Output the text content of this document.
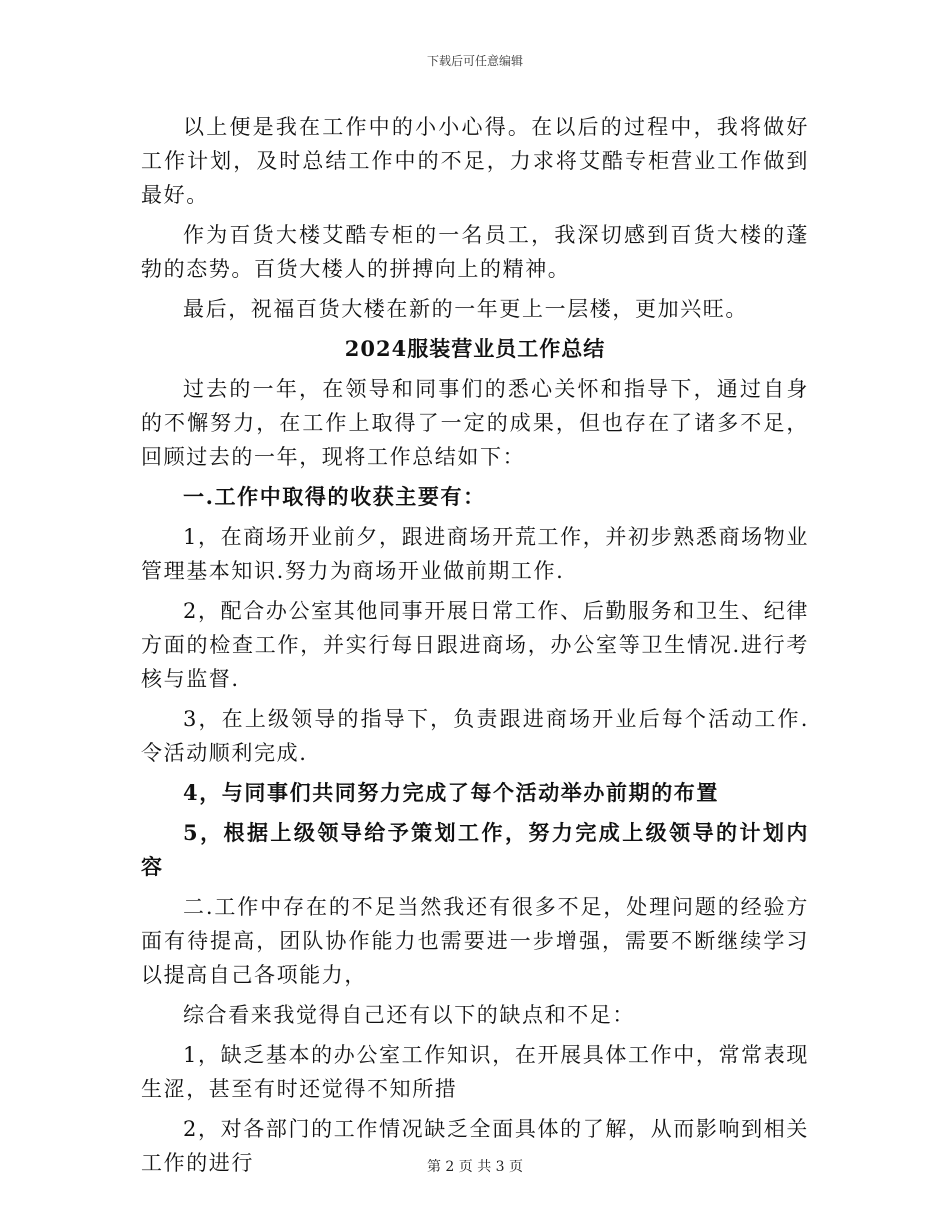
下载后可任意编辑

以上便是我在工作中的小小心得。在以后的过程中，我将做好工作计划，及时总结工作中的不足，力求将艾酷专柜营业工作做到最好。

作为百货大楼艾酷专柜的一名员工，我深切感到百货大楼的蓬勃的态势。百货大楼人的拼搏向上的精神。

最后，祝福百货大楼在新的一年更上一层楼，更加兴旺。

2024服装营业员工作总结

过去的一年，在领导和同事们的悉心关怀和指导下，通过自身的不懈努力，在工作上取得了一定的成果，但也存在了诸多不足，回顾过去的一年，现将工作总结如下：

一.工作中取得的收获主要有：

1，在商场开业前夕，跟进商场开荒工作，并初步熟悉商场物业管理基本知识.努力为商场开业做前期工作.

2，配合办公室其他同事开展日常工作、后勤服务和卫生、纪律方面的检查工作，并实行每日跟进商场，办公室等卫生情况.进行考核与监督.

3，在上级领导的指导下，负责跟进商场开业后每个活动工作.令活动顺利完成.

4，与同事们共同努力完成了每个活动举办前期的布置

5，根据上级领导给予策划工作，努力完成上级领导的计划内容

二.工作中存在的不足当然我还有很多不足，处理问题的经验方面有待提高，团队协作能力也需要进一步增强，需要不断继续学习以提高自己各项能力，

综合看来我觉得自己还有以下的缺点和不足：

1，缺乏基本的办公室工作知识，在开展具体工作中，常常表现生涩，甚至有时还觉得不知所措

2，对各部门的工作情况缺乏全面具体的了解，从而影响到相关工作的进行	第 2 页 共 3 页
